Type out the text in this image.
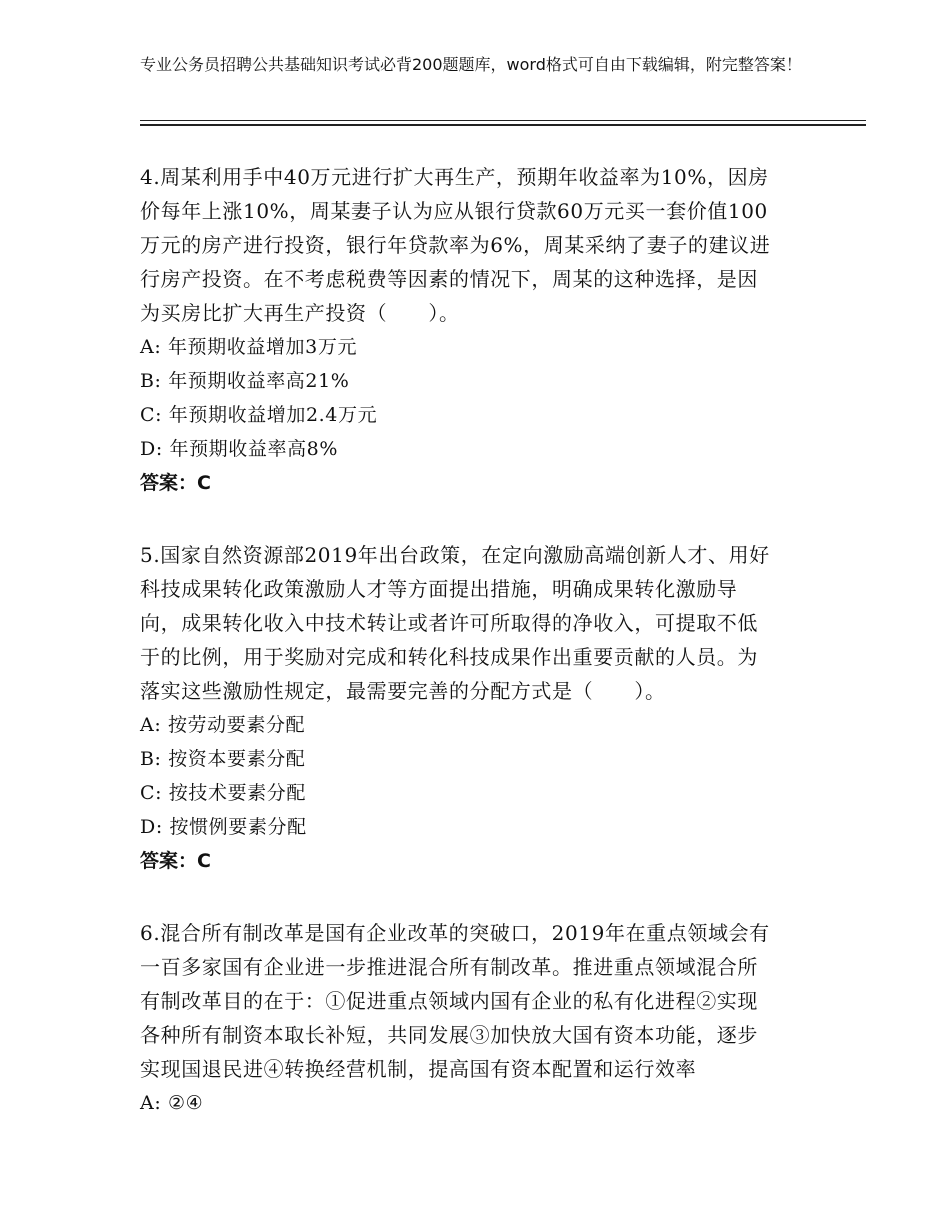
专业公务员招聘公共基础知识考试必背200题题库，word格式可自由下载编辑，附完整答案！
4.周某利用手中40万元进行扩大再生产，预期年收益率为10%，因房
价每年上涨10%，周某妻子认为应从银行贷款60万元买一套价值100
万元的房产进行投资，银行年贷款率为6%，周某采纳了妻子的建议进
行房产投资。在不考虑税费等因素的情况下，周某的这种选择，是因
为买房比扩大再生产投资（　　）。
A: 年预期收益增加3万元
B: 年预期收益率高21%
C: 年预期收益增加2.4万元
D: 年预期收益率高8%
答案：C
5.国家自然资源部2019年出台政策，在定向激励高端创新人才、用好
科技成果转化政策激励人才等方面提出措施，明确成果转化激励导
向，成果转化收入中技术转让或者许可所取得的净收入，可提取不低
于的比例，用于奖励对完成和转化科技成果作出重要贡献的人员。为
落实这些激励性规定，最需要完善的分配方式是（　　）。
A: 按劳动要素分配
B: 按资本要素分配
C: 按技术要素分配
D: 按惯例要素分配
答案：C
6.混合所有制改革是国有企业改革的突破口，2019年在重点领域会有
一百多家国有企业进一步推进混合所有制改革。推进重点领域混合所
有制改革目的在于：①促进重点领域内国有企业的私有化进程②实现
各种所有制资本取长补短，共同发展③加快放大国有资本功能，逐步
实现国退民进④转换经营机制，提高国有资本配置和运行效率
A: ②④
